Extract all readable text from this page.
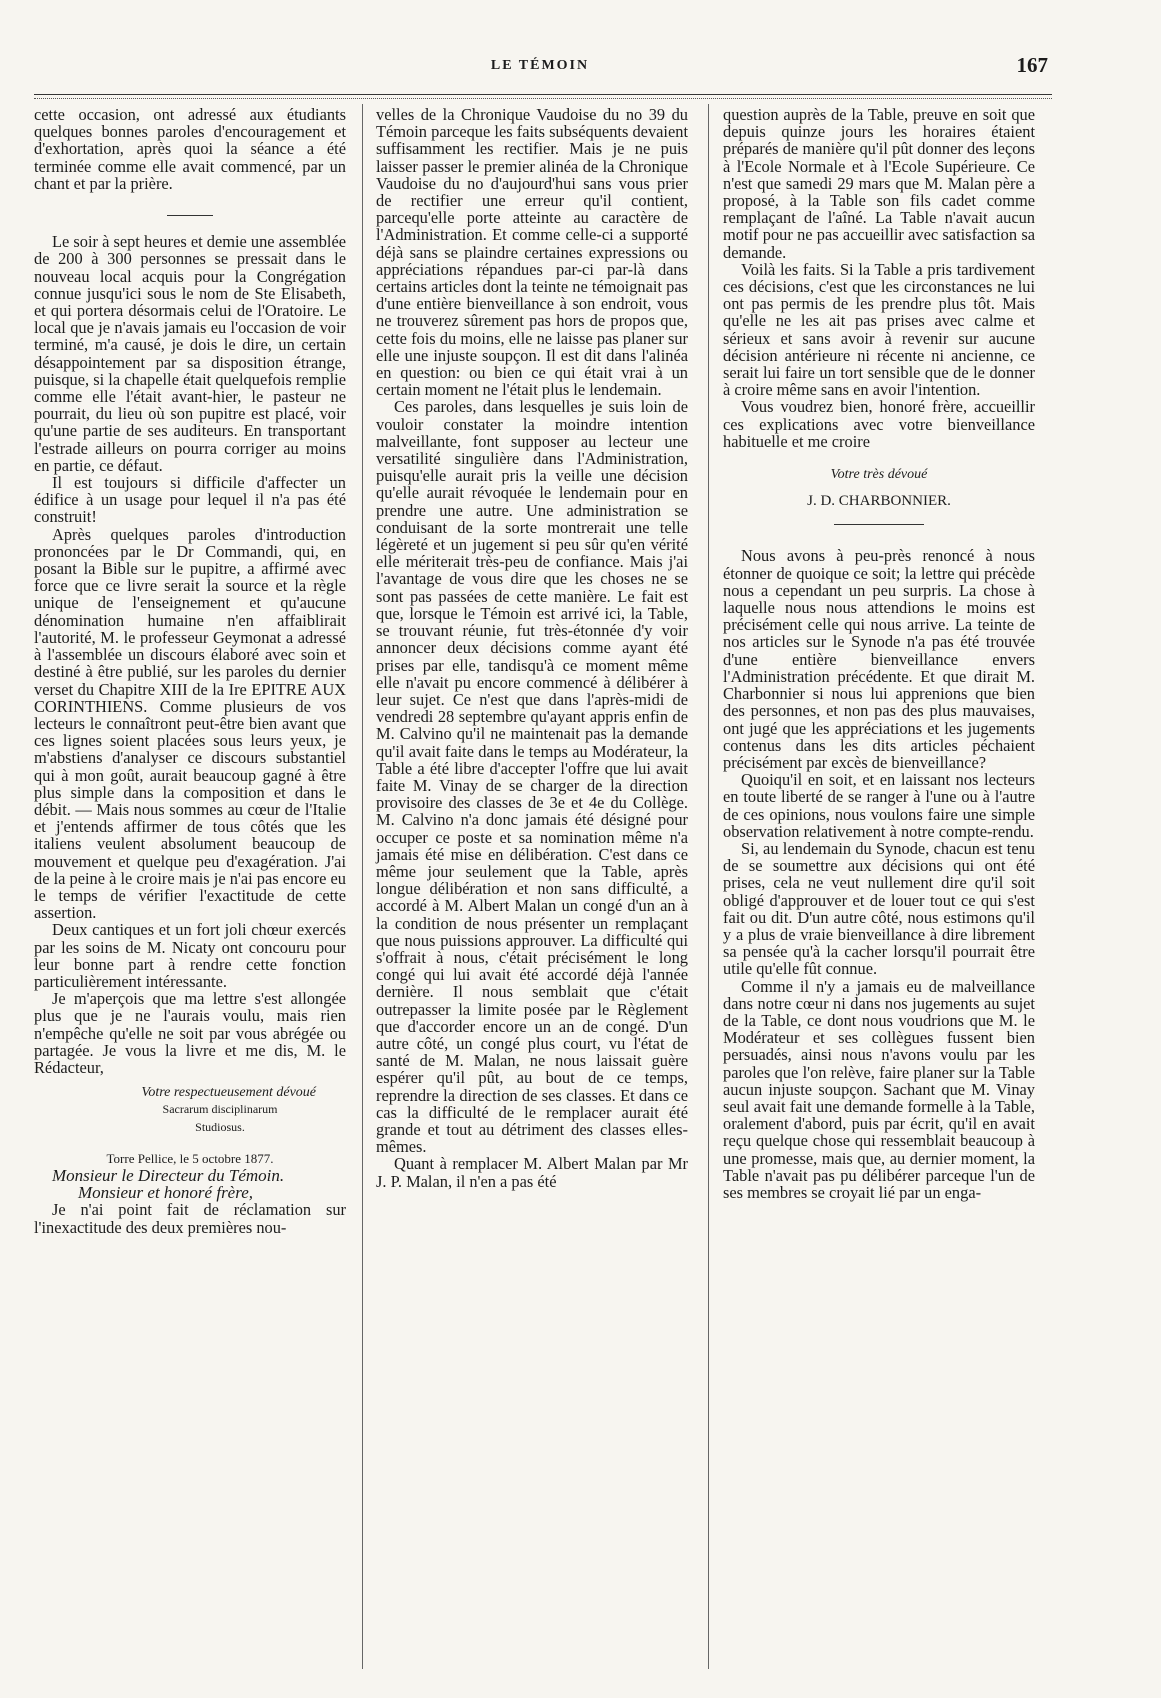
LE TÉMOIN	167

cette occasion, ont adressé aux étudiants quelques bonnes paroles d'encouragement et d'exhortation, après quoi la séance a été terminée comme elle avait commencé, par un chant et par la prière.

Le soir à sept heures et demie une assemblée de 200 à 300 personnes se pressait dans le nouveau local acquis pour la Congrégation connue jusqu'ici sous le nom de Ste Elisabeth, et qui portera désormais celui de l'Oratoire. Le local que je n'avais jamais eu l'occasion de voir terminé, m'a causé, je dois le dire, un certain désappointement par sa disposition étrange, puisque, si la chapelle était quelquefois remplie comme elle l'était avant-hier, le pasteur ne pourrait, du lieu où son pupitre est placé, voir qu'une partie de ses auditeurs. En transportant l'estrade ailleurs on pourra corriger au moins en partie, ce défaut.

Il est toujours si difficile d'affecter un édifice à un usage pour lequel il n'a pas été construit!

Après quelques paroles d'introduction prononcées par le Dr Commandi, qui, en posant la Bible sur le pupitre, a affirmé avec force que ce livre serait la source et la règle unique de l'enseignement et qu'aucune dénomination humaine n'en affaiblirait l'autorité, M. le professeur Geymonat a adressé à l'assemblée un discours élaboré avec soin et destiné à être publié, sur les paroles du dernier verset du Chapitre XIII de la Ire EPITRE AUX CORINTHIENS. Comme plusieurs de vos lecteurs le connaîtront peut-être bien avant que ces lignes soient placées sous leurs yeux, je m'abstiens d'analyser ce discours substantiel qui à mon goût, aurait beaucoup gagné à être plus simple dans la composition et dans le débit. — Mais nous sommes au cœur de l'Italie et j'entends affirmer de tous côtés que les italiens veulent absolument beaucoup de mouvement et quelque peu d'exagération. J'ai de la peine à le croire mais je n'ai pas encore eu le temps de vérifier l'exactitude de cette assertion.

Deux cantiques et un fort joli chœur exercés par les soins de M. Nicaty ont concouru pour leur bonne part à rendre cette fonction particulièrement intéressante.

Je m'aperçois que ma lettre s'est allongée plus que je ne l'aurais voulu, mais rien n'empêche qu'elle ne soit par vous abrégée ou partagée. Je vous la livre et me dis, M. le Rédacteur,

Votre respectueusement dévoué

Sacrarum disciplinarum

Studiosus.

Torre Pellice, le 5 octobre 1877.

Monsieur le Directeur du Témoin.

Monsieur et honoré frère,

Je n'ai point fait de réclamation sur l'inexactitude des deux premières nou-

velles de la Chronique Vaudoise du no 39 du Témoin parceque les faits subséquents devaient suffisamment les rectifier. Mais je ne puis laisser passer le premier alinéa de la Chronique Vaudoise du no d'aujourd'hui sans vous prier de rectifier une erreur qu'il contient, parcequ'elle porte atteinte au caractère de l'Administration. Et comme celle-ci a supporté déjà sans se plaindre certaines expressions ou appréciations répandues par-ci par-là dans certains articles dont la teinte ne témoignait pas d'une entière bienveillance à son endroit, vous ne trouverez sûrement pas hors de propos que, cette fois du moins, elle ne laisse pas planer sur elle une injuste soupçon. Il est dit dans l'alinéa en question: ou bien ce qui était vrai à un certain moment ne l'était plus le lendemain.

Ces paroles, dans lesquelles je suis loin de vouloir constater la moindre intention malveillante, font supposer au lecteur une versatilité singulière dans l'Administration, puisqu'elle aurait pris la veille une décision qu'elle aurait révoquée le lendemain pour en prendre une autre. Une administration se conduisant de la sorte montrerait une telle légèreté et un jugement si peu sûr qu'en vérité elle mériterait très-peu de confiance. Mais j'ai l'avantage de vous dire que les choses ne se sont pas passées de cette manière. Le fait est que, lorsque le Témoin est arrivé ici, la Table, se trouvant réunie, fut très-étonnée d'y voir annoncer deux décisions comme ayant été prises par elle, tandisqu'à ce moment même elle n'avait pu encore commencé à délibérer à leur sujet. Ce n'est que dans l'après-midi de vendredi 28 septembre qu'ayant appris enfin de M. Calvino qu'il ne maintenait pas la demande qu'il avait faite dans le temps au Modérateur, la Table a été libre d'accepter l'offre que lui avait faite M. Vinay de se charger de la direction provisoire des classes de 3e et 4e du Collège. M. Calvino n'a donc jamais été désigné pour occuper ce poste et sa nomination même n'a jamais été mise en délibération. C'est dans ce même jour seulement que la Table, après longue délibération et non sans difficulté, a accordé à M. Albert Malan un congé d'un an à la condition de nous présenter un remplaçant que nous puissions approuver. La difficulté qui s'offrait à nous, c'était précisément le long congé qui lui avait été accordé déjà l'année dernière. Il nous semblait que c'était outrepasser la limite posée par le Règlement que d'accorder encore un an de congé. D'un autre côté, un congé plus court, vu l'état de santé de M. Malan, ne nous laissait guère espérer qu'il pût, au bout de ce temps, reprendre la direction de ses classes. Et dans ce cas la difficulté de le remplacer aurait été grande et tout au détriment des classes elles-mêmes.

Quant à remplacer M. Albert Malan par Mr J. P. Malan, il n'en a pas été

question auprès de la Table, preuve en soit que depuis quinze jours les horaires étaient préparés de manière qu'il pût donner des leçons à l'Ecole Normale et à l'Ecole Supérieure. Ce n'est que samedi 29 mars que M. Malan père a proposé, à la Table son fils cadet comme remplaçant de l'aîné. La Table n'avait aucun motif pour ne pas accueillir avec satisfaction sa demande.

Voilà les faits. Si la Table a pris tardivement ces décisions, c'est que les circonstances ne lui ont pas permis de les prendre plus tôt. Mais qu'elle ne les ait pas prises avec calme et sérieux et sans avoir à revenir sur aucune décision antérieure ni récente ni ancienne, ce serait lui faire un tort sensible que de le donner à croire même sans en avoir l'intention.

Vous voudrez bien, honoré frère, accueillir ces explications avec votre bienveillance habituelle et me croire

Votre très dévoué

J. D. CHARBONNIER.

Nous avons à peu-près renoncé à nous étonner de quoique ce soit; la lettre qui précède nous a cependant un peu surpris. La chose à laquelle nous nous attendions le moins est précisément celle qui nous arrive. La teinte de nos articles sur le Synode n'a pas été trouvée d'une entière bienveillance envers l'Administration précédente. Et que dirait M. Charbonnier si nous lui apprenions que bien des personnes, et non pas des plus mauvaises, ont jugé que les appréciations et les jugements contenus dans les dits articles péchaient précisément par excès de bienveillance?

Quoiqu'il en soit, et en laissant nos lecteurs en toute liberté de se ranger à l'une ou à l'autre de ces opinions, nous voulons faire une simple observation relativement à notre compte-rendu.

Si, au lendemain du Synode, chacun est tenu de se soumettre aux décisions qui ont été prises, cela ne veut nullement dire qu'il soit obligé d'approuver et de louer tout ce qui s'est fait ou dit. D'un autre côté, nous estimons qu'il y a plus de vraie bienveillance à dire librement sa pensée qu'à la cacher lorsqu'il pourrait être utile qu'elle fût connue.

Comme il n'y a jamais eu de malveillance dans notre cœur ni dans nos jugements au sujet de la Table, ce dont nous voudrions que M. le Modérateur et ses collègues fussent bien persuadés, ainsi nous n'avons voulu par les paroles que l'on relève, faire planer sur la Table aucun injuste soupçon. Sachant que M. Vinay seul avait fait une demande formelle à la Table, oralement d'abord, puis par écrit, qu'il en avait reçu quelque chose qui ressemblait beaucoup à une promesse, mais que, au dernier moment, la Table n'avait pas pu délibérer parceque l'un de ses membres se croyait lié par un enga-
